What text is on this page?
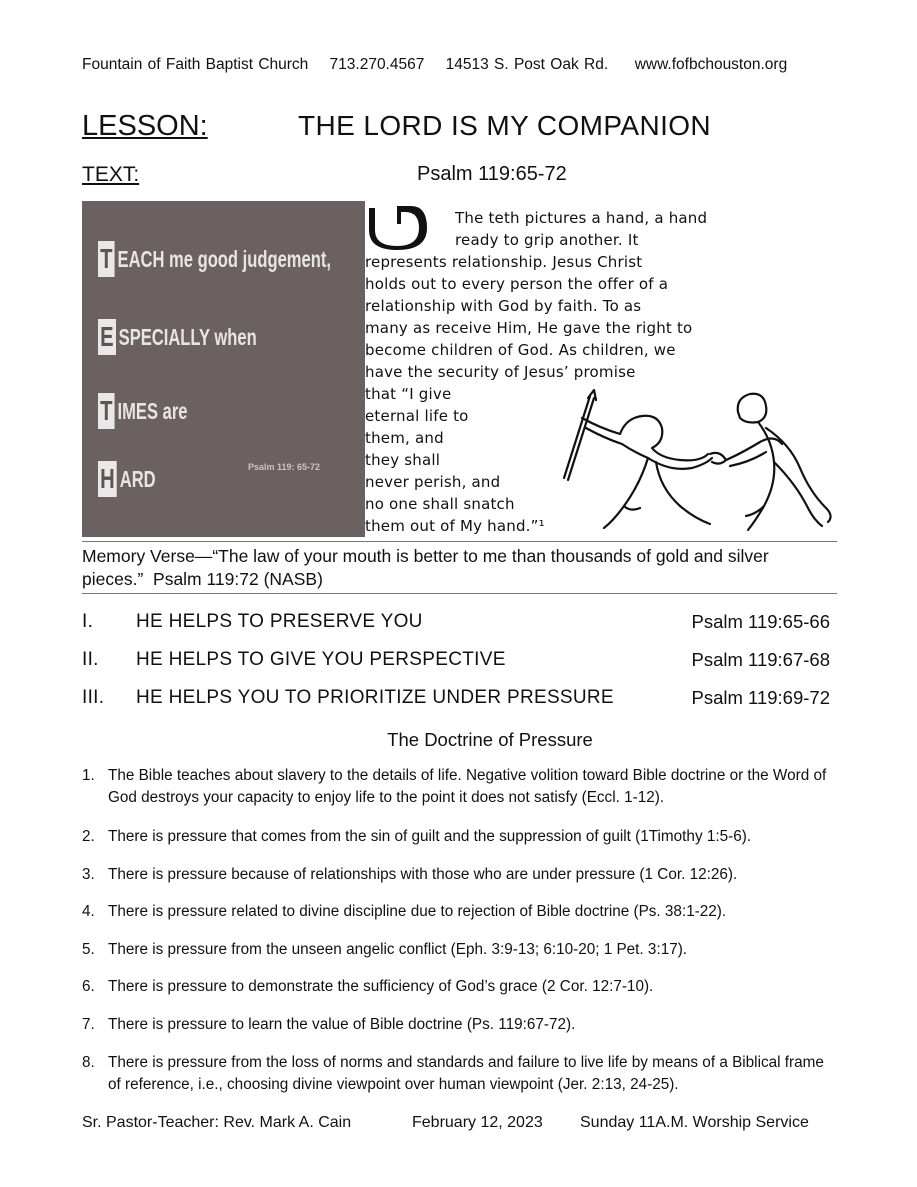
Fountain of Faith Baptist Church 713.270.4567 14513 S. Post Oak Rd. www.fofbchouston.org
LESSON:	THE LORD IS MY COMPANION
TEXT:	Psalm 119:65-72
T EACH me good judgement,
E SPECIALLY when
T IMES are
H ARD	Psalm 119: 65-72
The teth pictures a hand, a hand
ready to grip another. It
represents relationship. Jesus Christ
holds out to every person the offer of a
relationship with God by faith. To as
many as receive Him, He gave the right to
become children of God. As children, we
have the security of Jesus’ promise
that “I give
eternal life to
them, and
they shall
never perish, and
no one shall snatch
them out of My hand.”¹
Memory Verse—“The law of your mouth is better to me than thousands of gold and silver pieces.” Psalm 119:72 (NASB)
I. HE HELPS TO PRESERVE YOU	Psalm 119:65-66
II. HE HELPS TO GIVE YOU PERSPECTIVE	Psalm 119:67-68
III. HE HELPS YOU TO PRIORITIZE UNDER PRESSURE	Psalm 119:69-72
The Doctrine of Pressure
1. The Bible teaches about slavery to the details of life. Negative volition toward Bible doctrine or the Word of God destroys your capacity to enjoy life to the point it does not satisfy (Eccl. 1-12).
2. There is pressure that comes from the sin of guilt and the suppression of guilt (1Timothy 1:5-6).
3. There is pressure because of relationships with those who are under pressure (1 Cor. 12:26).
4. There is pressure related to divine discipline due to rejection of Bible doctrine (Ps. 38:1-22).
5. There is pressure from the unseen angelic conflict (Eph. 3:9-13; 6:10-20; 1 Pet. 3:17).
6. There is pressure to demonstrate the sufficiency of God’s grace (2 Cor. 12:7-10).
7. There is pressure to learn the value of Bible doctrine (Ps. 119:67-72).
8. There is pressure from the loss of norms and standards and failure to live life by means of a Biblical frame of reference, i.e., choosing divine viewpoint over human viewpoint (Jer. 2:13, 24-25).
Sr. Pastor-Teacher: Rev. Mark A. Cain	February 12, 2023 Sunday 11A.M. Worship Service
